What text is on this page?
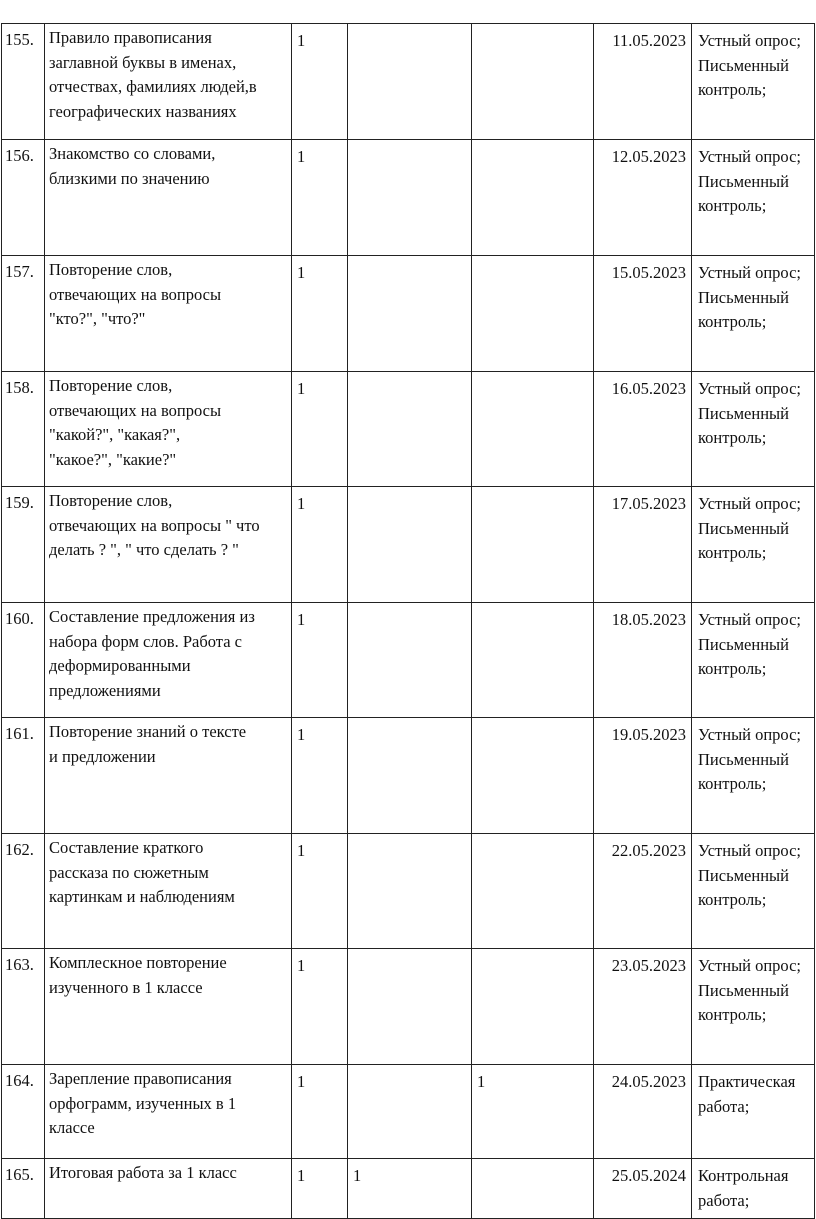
155.	Правило правописания
заглавной буквы в именах,
отчествах, фамилиях людей,в
географических названиях	1			11.05.2023	Устный опрос; Письменный контроль;

156.	Знакомство со словами,
близкими по значению	1			12.05.2023	Устный опрос; Письменный контроль;

157.	Повторение слов,
отвечающих на вопросы
"кто?", "что?"	1			15.05.2023	Устный опрос; Письменный контроль;

158.	Повторение слов,
отвечающих на вопросы
"какой?", "какая?",
"какое?", "какие?"	1			16.05.2023	Устный опрос; Письменный контроль;

159.	Повторение слов,
отвечающих на вопросы " что
делать ? ", " что сделать ? "	1			17.05.2023	Устный опрос; Письменный контроль;

160.	Составление предложения из
набора форм слов. Работа с
деформированными
предложениями	1			18.05.2023	Устный опрос; Письменный контроль;

161.	Повторение знаний о тексте
и предложении	1			19.05.2023	Устный опрос; Письменный контроль;

162.	Составление краткого
рассказа по сюжетным
картинкам и наблюдениям	1			22.05.2023	Устный опрос; Письменный контроль;

163.	Комплескное повторение
изученного в 1 классе	1			23.05.2023	Устный опрос; Письменный контроль;

164.	Зарепление правописания
орфограмм, изученных в 1
классе	1		1	24.05.2023	Практическая работа;

165.	Итоговая работа за 1 класс	1	1		25.05.2024	Контрольная работа;
